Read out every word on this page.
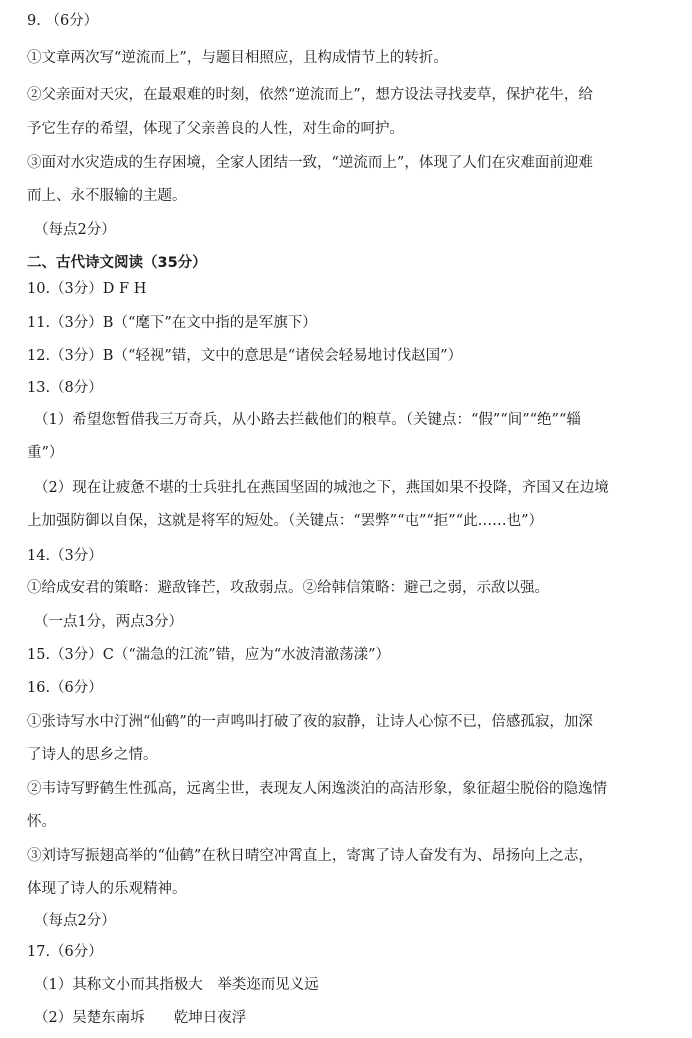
9. （6分）
①文章两次写“逆流而上”，与题目相照应，且构成情节上的转折。
②父亲面对天灾，在最艰难的时刻，依然“逆流而上”，想方设法寻找麦草，保护花牛，给
予它生存的希望，体现了父亲善良的人性，对生命的呵护。
③面对水灾造成的生存困境，全家人团结一致，“逆流而上”，体现了人们在灾难面前迎难
而上、永不服输的主题。
（每点2分）
二、古代诗文阅读（35分）
10.（3分）D F H
11.（3分）B（“麾下”在文中指的是军旗下）
12.（3分）B（“轻视”错，文中的意思是“诸侯会轻易地讨伐赵国”）
13.（8分）
（1）希望您暂借我三万奇兵，从小路去拦截他们的粮草。（关键点：“假”“间”“绝”“辎
重”）
（2）现在让疲惫不堪的士兵驻扎在燕国坚固的城池之下，燕国如果不投降，齐国又在边境
上加强防御以自保，这就是将军的短处。（关键点：“罢弊”“屯”“拒”“此……也”）
14.（3分）
①给成安君的策略：避敌锋芒，攻敌弱点。②给韩信策略：避己之弱，示敌以强。
（一点1分，两点3分）
15.（3分）C（“湍急的江流”错，应为“水波清澈荡漾”）
16.（6分）
①张诗写水中汀洲“仙鹤”的一声鸣叫打破了夜的寂静，让诗人心惊不已，倍感孤寂，加深
了诗人的思乡之情。
②韦诗写野鹤生性孤高，远离尘世，表现友人闲逸淡泊的高洁形象，象征超尘脱俗的隐逸情
怀。
③刘诗写振翅高举的“仙鹤”在秋日晴空冲霄直上，寄寓了诗人奋发有为、昂扬向上之志，
体现了诗人的乐观精神。
（每点2分）
17.（6分）
（1）其称文小而其指极大　举类迩而见义远
（2）吴楚东南坼　　乾坤日夜浮
